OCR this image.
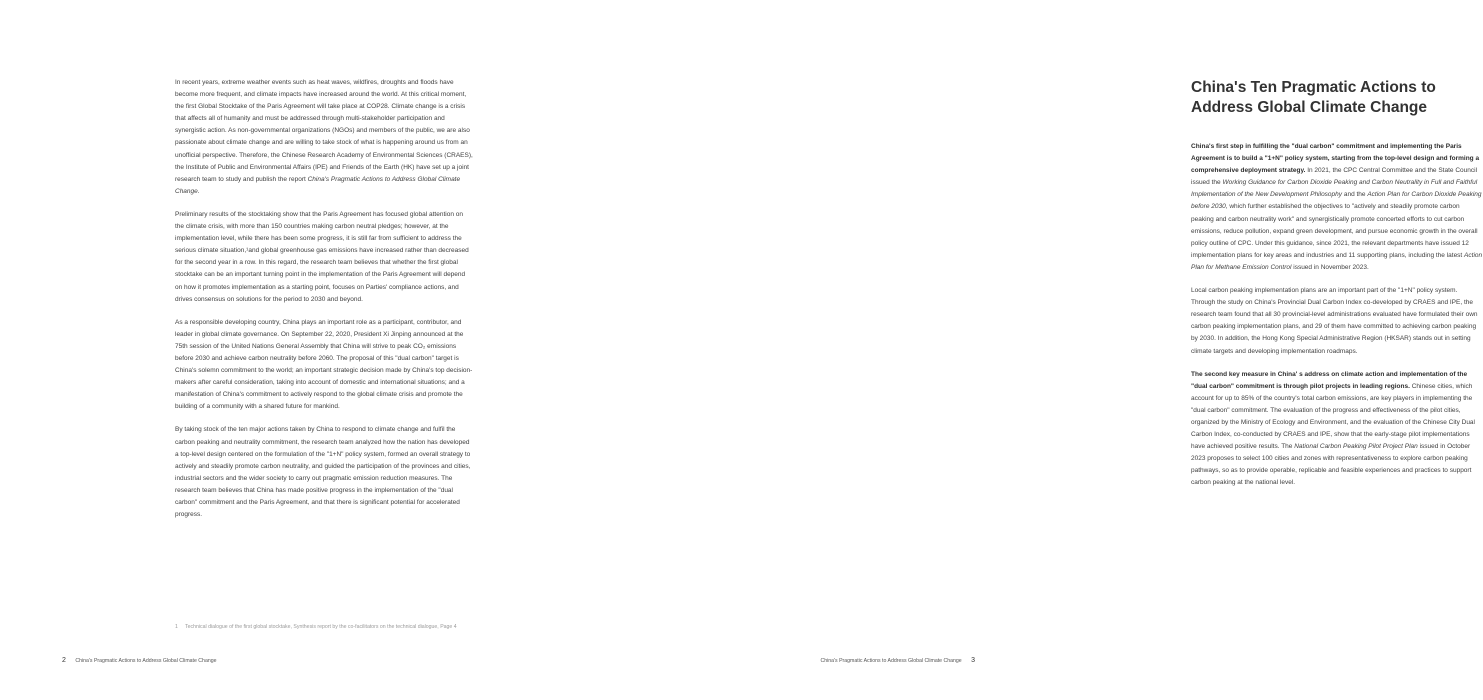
In recent years, extreme weather events such as heat waves, wildfires, droughts and floods have become more frequent, and climate impacts have increased around the world. At this critical moment, the first Global Stocktake of the Paris Agreement will take place at COP28. Climate change is a crisis that affects all of humanity and must be addressed through multi-stakeholder participation and synergistic action. As non-governmental organizations (NGOs) and members of the public, we are also passionate about climate change and are willing to take stock of what is happening around us from an unofficial perspective. Therefore, the Chinese Research Academy of Environmental Sciences (CRAES), the Institute of Public and Environmental Affairs (IPE) and Friends of the Earth (HK) have set up a joint research team to study and publish the report China's Pragmatic Actions to Address Global Climate Change.

Preliminary results of the stocktaking show that the Paris Agreement has focused global attention on the climate crisis, with more than 150 countries making carbon neutral pledges; however, at the implementation level, while there has been some progress, it is still far from sufficient to address the serious climate situation,¹and global greenhouse gas emissions have increased rather than decreased for the second year in a row. In this regard, the research team believes that whether the first global stocktake can be an important turning point in the implementation of the Paris Agreement will depend on how it promotes implementation as a starting point, focuses on Parties' compliance actions, and drives consensus on solutions for the period to 2030 and beyond.

As a responsible developing country, China plays an important role as a participant, contributor, and leader in global climate governance. On September 22, 2020, President Xi Jinping announced at the 75th session of the United Nations General Assembly that China will strive to peak CO₂ emissions before 2030 and achieve carbon neutrality before 2060. The proposal of this "dual carbon" target is China's solemn commitment to the world; an important strategic decision made by China's top decision-makers after careful consideration, taking into account of domestic and international situations; and a manifestation of China's commitment to actively respond to the global climate crisis and promote the building of a community with a shared future for mankind.

By taking stock of the ten major actions taken by China to respond to climate change and fulfil the carbon peaking and neutrality commitment, the research team analyzed how the nation has developed a top-level design centered on the formulation of the "1+N" policy system, formed an overall strategy to actively and steadily promote carbon neutrality, and guided the participation of the provinces and cities, industrial sectors and the wider society to carry out pragmatic emission reduction measures. The research team believes that China has made positive progress in the implementation of the "dual carbon" commitment and the Paris Agreement, and that there is significant potential for accelerated progress.

1 Technical dialogue of the first global stocktake, Synthesis report by the co-facilitators on the technical dialogue, Page 4
2 China's Pragmatic Actions to Address Global Climate Change
China's Ten Pragmatic Actions to Address Global Climate Change

China's first step in fulfilling the "dual carbon" commitment and implementing the Paris Agreement is to build a "1+N" policy system, starting from the top-level design and forming a comprehensive deployment strategy. In 2021, the CPC Central Committee and the State Council issued the Working Guidance for Carbon Dioxide Peaking and Carbon Neutrality in Full and Faithful Implementation of the New Development Philosophy and the Action Plan for Carbon Dioxide Peaking before 2030, which further established the objectives to "actively and steadily promote carbon peaking and carbon neutrality work" and synergistically promote concerted efforts to cut carbon emissions, reduce pollution, expand green development, and pursue economic growth in the overall policy outline of CPC. Under this guidance, since 2021, the relevant departments have issued 12 implementation plans for key areas and industries and 11 supporting plans, including the latest Action Plan for Methane Emission Control issued in November 2023.

Local carbon peaking implementation plans are an important part of the "1+N" policy system. Through the study on China's Provincial Dual Carbon Index co-developed by CRAES and IPE, the research team found that all 30 provincial-level administrations evaluated have formulated their own carbon peaking implementation plans, and 29 of them have committed to achieving carbon peaking by 2030. In addition, the Hong Kong Special Administrative Region (HKSAR) stands out in setting climate targets and developing implementation roadmaps.

The second key measure in China' s address on climate action and implementation of the "dual carbon" commitment is through pilot projects in leading regions. Chinese cities, which account for up to 85% of the country's total carbon emissions, are key players in implementing the "dual carbon" commitment. The evaluation of the progress and effectiveness of the pilot cities, organized by the Ministry of Ecology and Environment, and the evaluation of the Chinese City Dual Carbon Index, co-conducted by CRAES and IPE, show that the early-stage pilot implementations have achieved positive results. The National Carbon Peaking Pilot Project Plan issued in October 2023 proposes to select 100 cities and zones with representativeness to explore carbon peaking pathways, so as to provide operable, replicable and feasible experiences and practices to support carbon peaking at the national level.

China's Pragmatic Actions to Address Global Climate Change 3
